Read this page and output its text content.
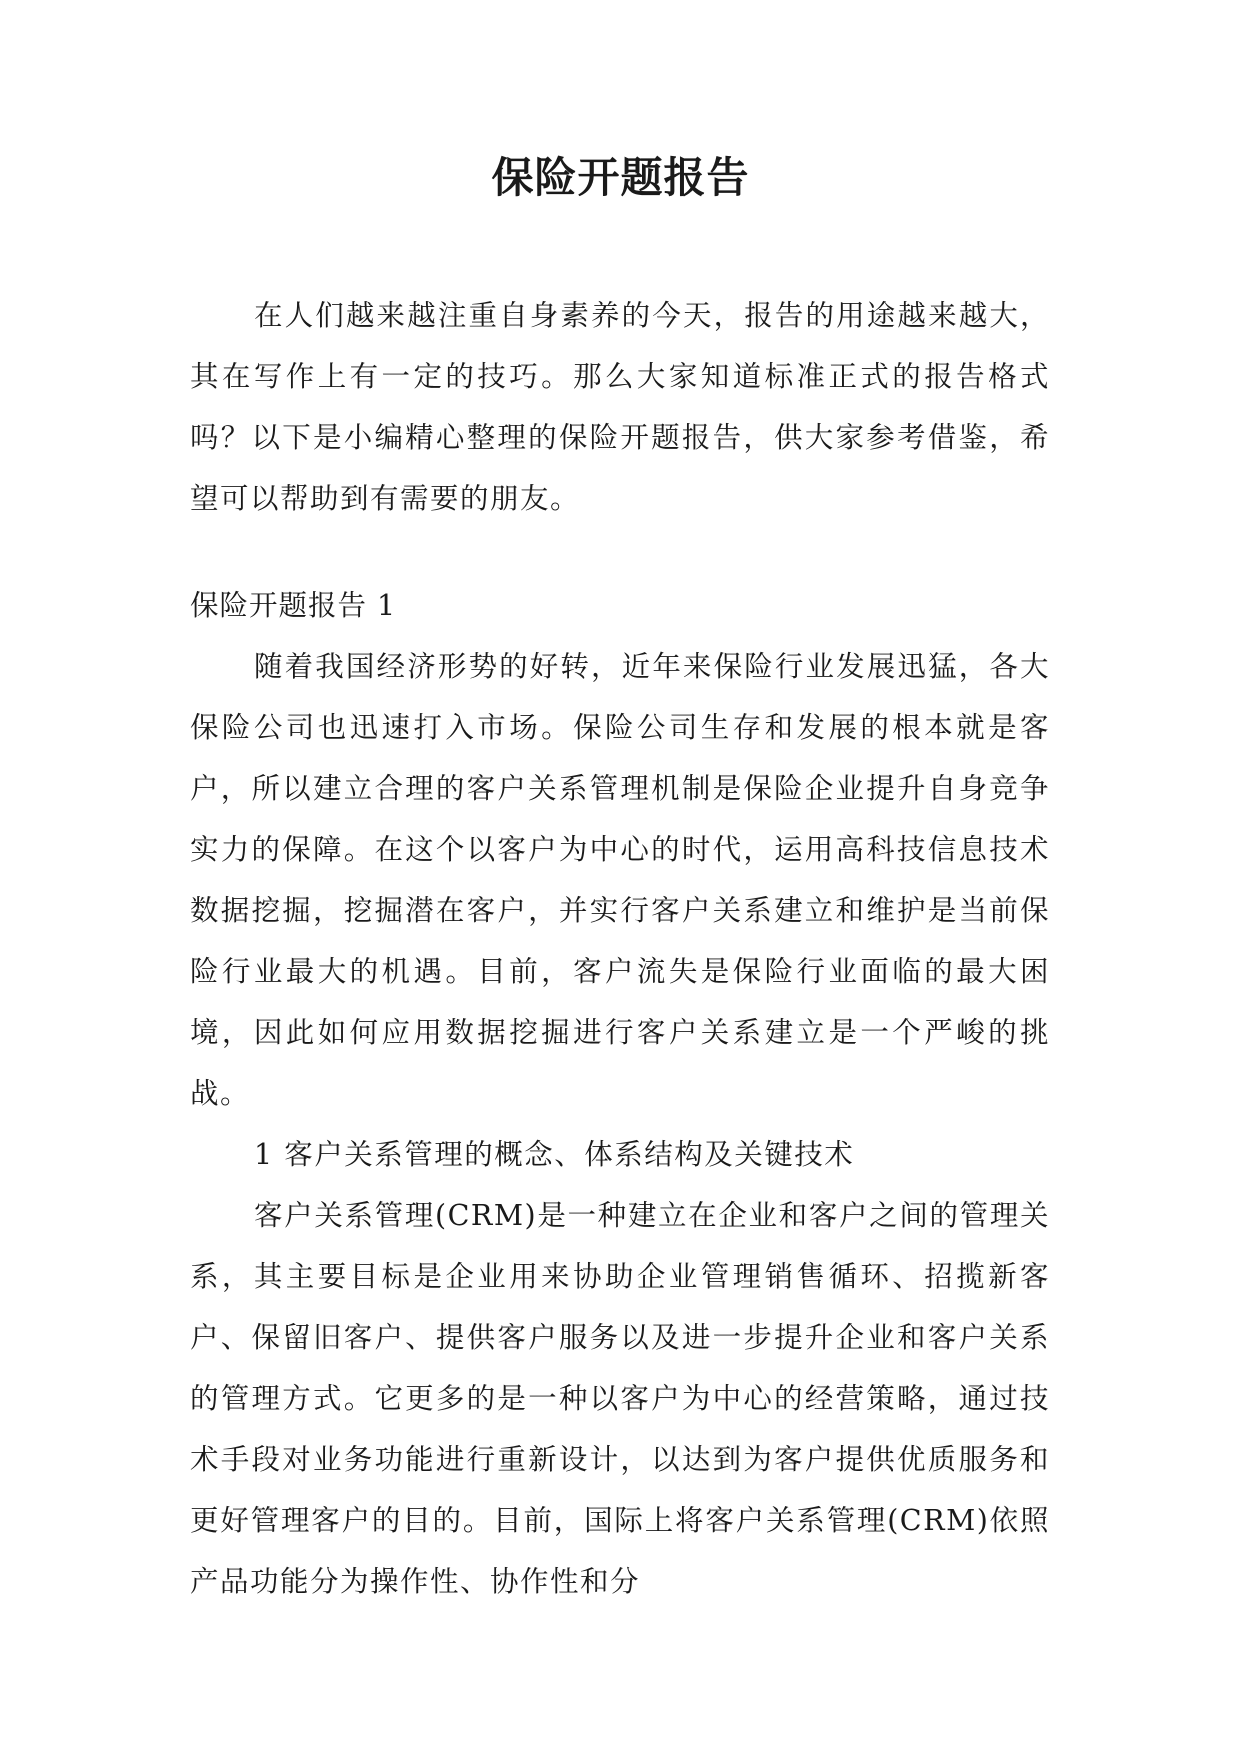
保险开题报告

在人们越来越注重自身素养的今天，报告的用途越来越大，其在写作上有一定的技巧。那么大家知道标准正式的报告格式吗？以下是小编精心整理的保险开题报告，供大家参考借鉴，希望可以帮助到有需要的朋友。

保险开题报告 1

随着我国经济形势的好转，近年来保险行业发展迅猛，各大保险公司也迅速打入市场。保险公司生存和发展的根本就是客户，所以建立合理的客户关系管理机制是保险企业提升自身竞争实力的保障。在这个以客户为中心的时代，运用高科技信息技术数据挖掘，挖掘潜在客户，并实行客户关系建立和维护是当前保险行业最大的机遇。目前，客户流失是保险行业面临的最大困境，因此如何应用数据挖掘进行客户关系建立是一个严峻的挑战。

1 客户关系管理的概念、体系结构及关键技术

客户关系管理(CRM)是一种建立在企业和客户之间的管理关系，其主要目标是企业用来协助企业管理销售循环、招揽新客户、保留旧客户、提供客户服务以及进一步提升企业和客户关系的管理方式。它更多的是一种以客户为中心的经营策略，通过技术手段对业务功能进行重新设计，以达到为客户提供优质服务和更好管理客户的目的。目前，国际上将客户关系管理(CRM)依照产品功能分为操作性、协作性和分
